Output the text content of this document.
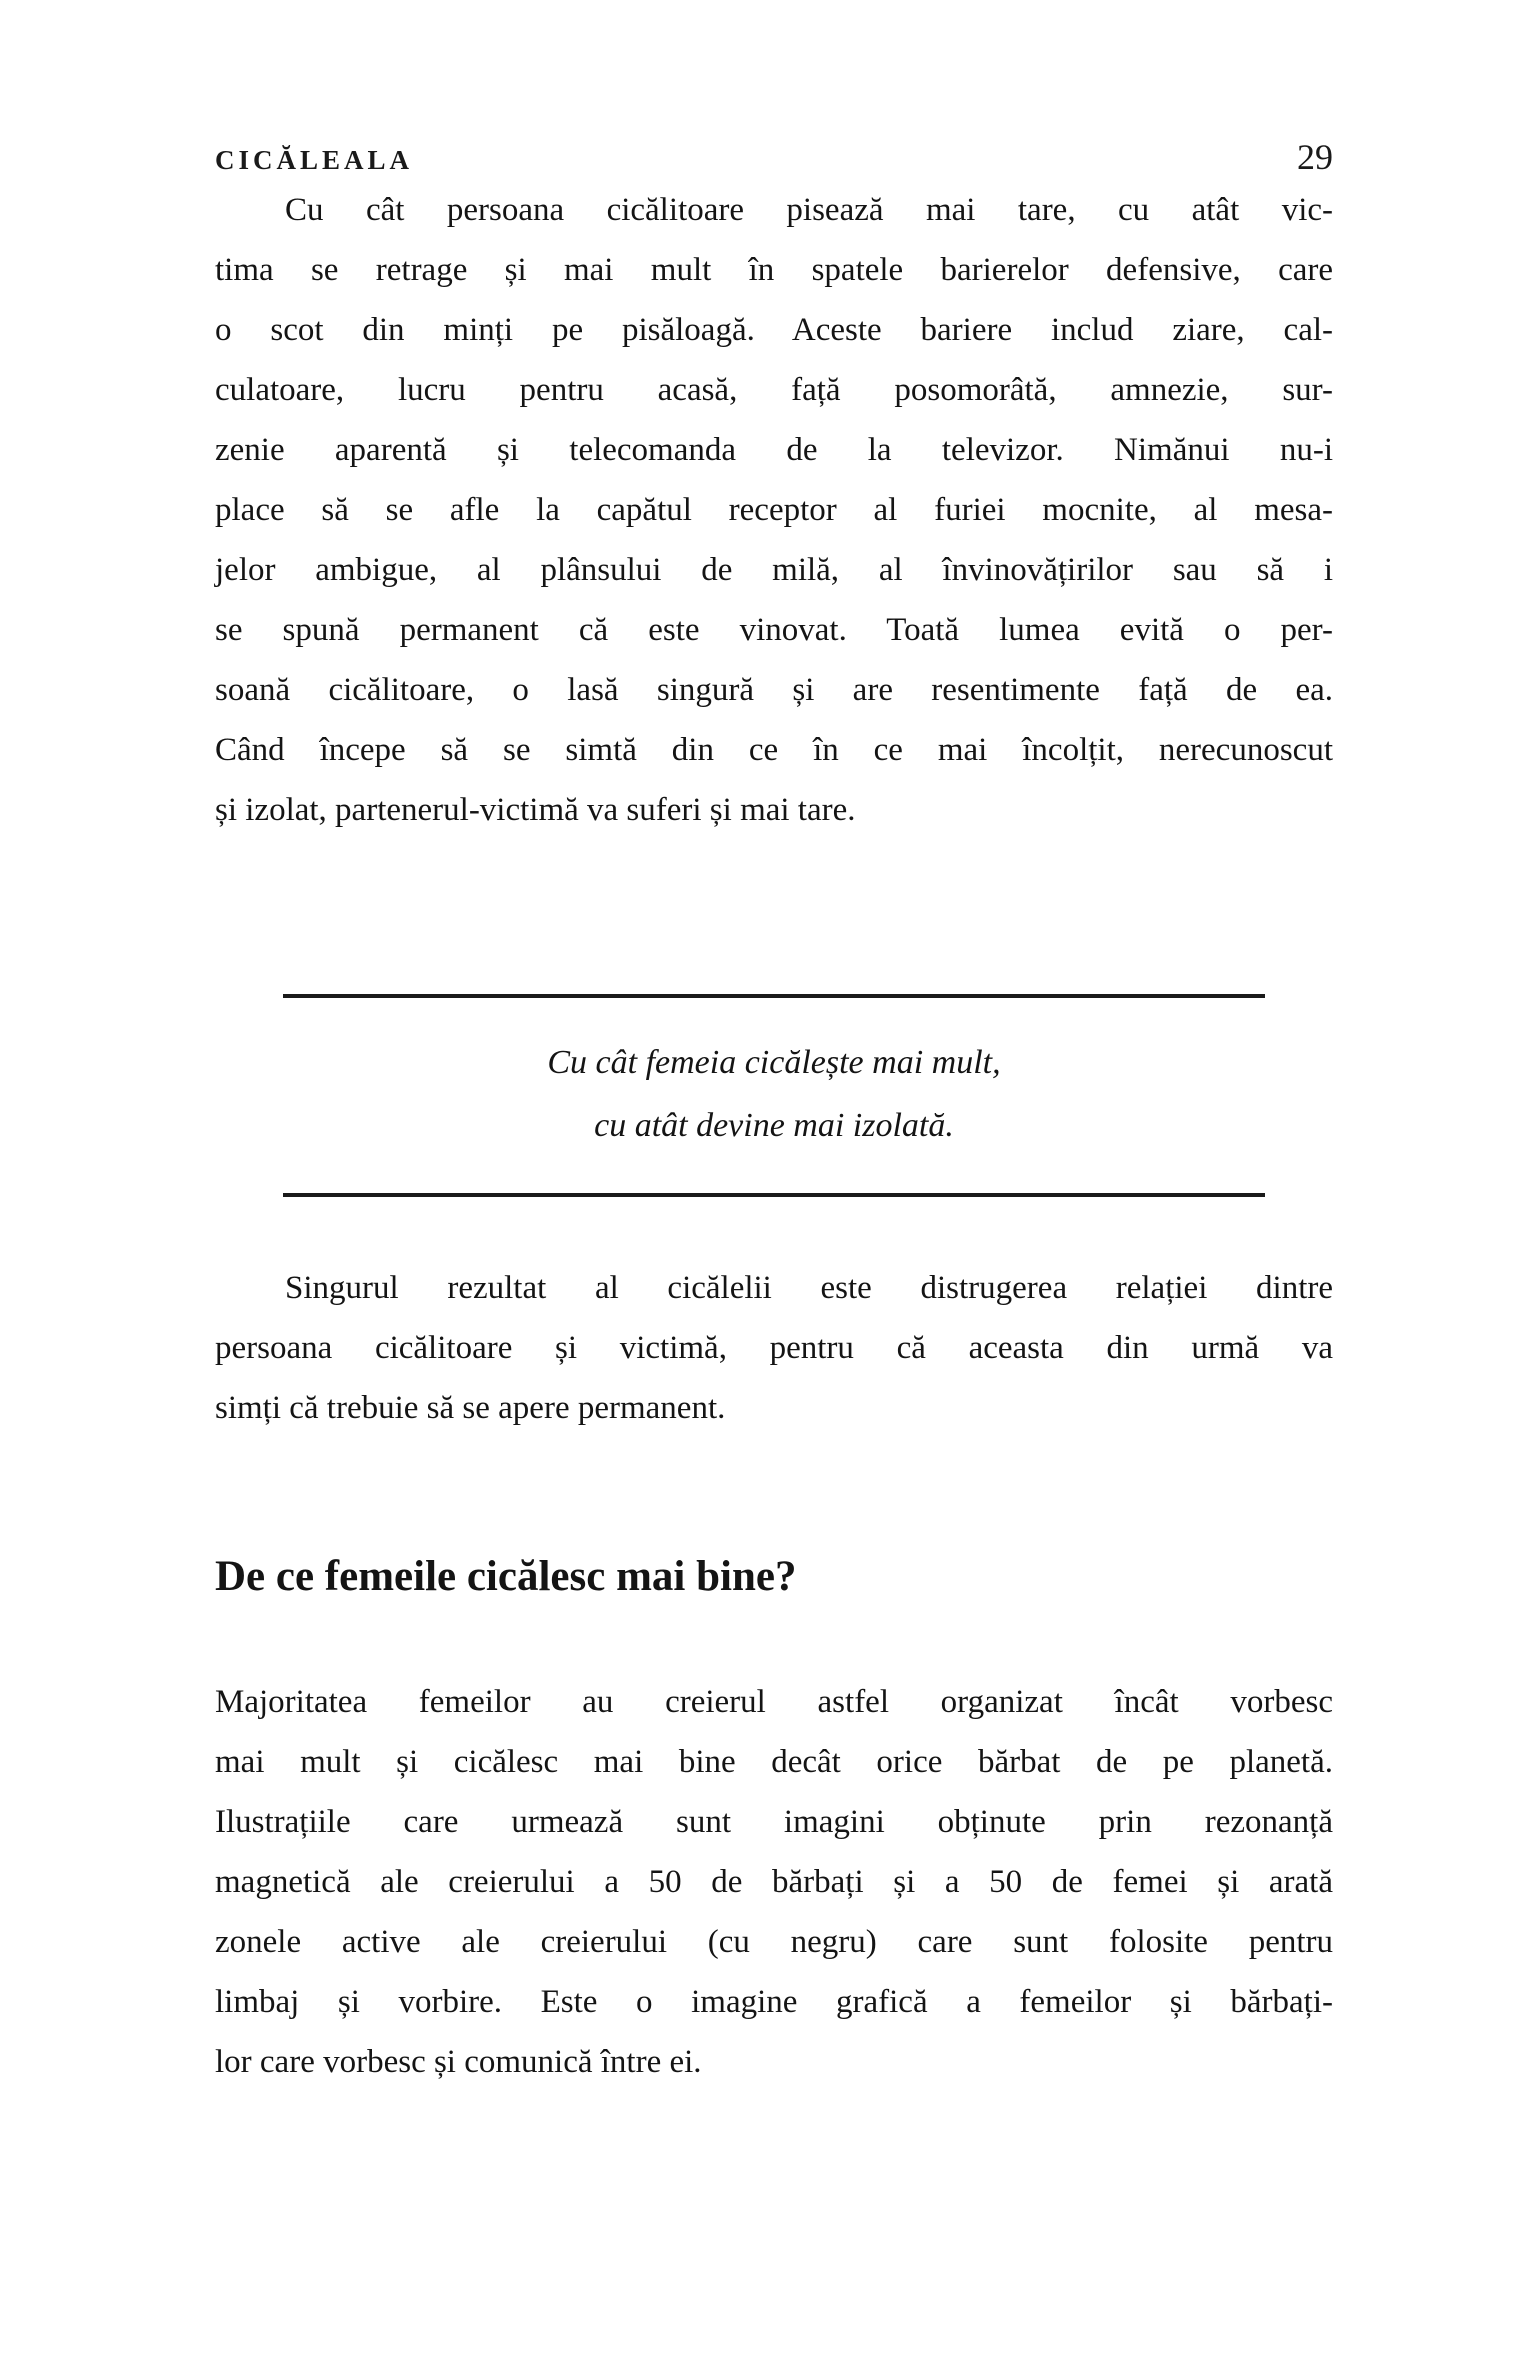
CICĂLEALA	29
Cu cât persoana cicălitoare pisează mai tare, cu atât vic-
tima se retrage și mai mult în spatele barierelor defensive, care
o scot din minți pe pisăloagă. Aceste bariere includ ziare, cal-
culatoare, lucru pentru acasă, față posomorâtă, amnezie, sur-
zenie aparentă și telecomanda de la televizor. Nimănui nu-i
place să se afle la capătul receptor al furiei mocnite, al mesa-
jelor ambigue, al plânsului de milă, al învinovățirilor sau să i
se spună permanent că este vinovat. Toată lumea evită o per-
soană cicălitoare, o lasă singură și are resentimente față de ea.
Când începe să se simtă din ce în ce mai încolțit, nerecunoscut
și izolat, partenerul-victimă va suferi și mai tare.
Cu cât femeia cicălește mai mult,
cu atât devine mai izolată.
Singurul rezultat al cicălelii este distrugerea relației dintre
persoana cicălitoare și victimă, pentru că aceasta din urmă va
simți că trebuie să se apere permanent.
De ce femeile cicălesc mai bine?
Majoritatea femeilor au creierul astfel organizat încât vorbesc
mai mult și cicălesc mai bine decât orice bărbat de pe planetă.
Ilustrațiile care urmează sunt imagini obținute prin rezonanță
magnetică ale creierului a 50 de bărbați și a 50 de femei și arată
zonele active ale creierului (cu negru) care sunt folosite pentru
limbaj și vorbire. Este o imagine grafică a femeilor și bărbați-
lor care vorbesc și comunică între ei.
